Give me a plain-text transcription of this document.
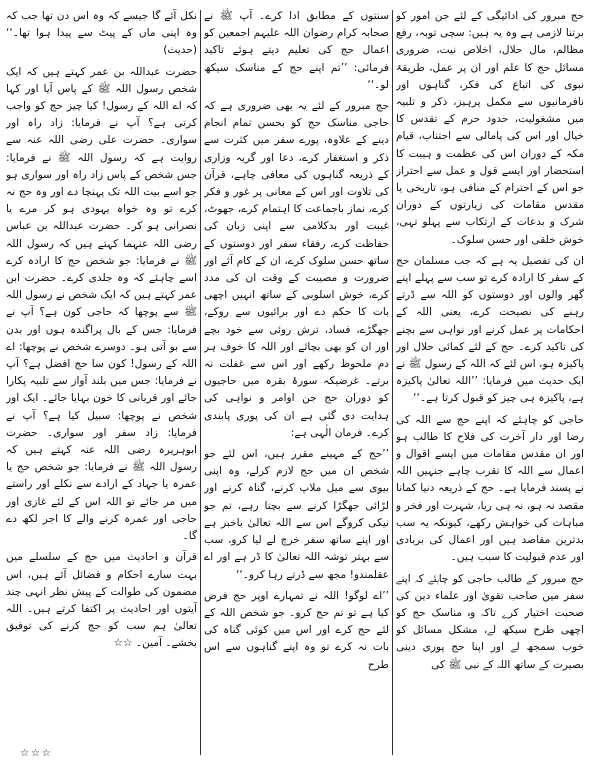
حج مبرور کی ادائیگی کے لئے جن امور کو برتنا لازمی ہے وہ یہ ہیں: سچی توبہ، رفع مظالم، مال حلال، اخلاص نیت، ضروری مسائل حج کا علم اور ان پر عمل، طریقۂ نبوی کی اتباع کی فکر، گناہوں اور نافرمانیوں سے مکمل پرہیز، ذکر و تلبیہ میں مشغولیت، حدود حرم کے تقدس کا خیال اور اس کی پامالی سے اجتناب، قیام مکہ کے دوران اس کی عظمت و ہیبت کا استحضار اور ایسے قول و عمل سے احتراز جو اس کے احترام کے منافی ہو، تاریخی یا مقدس مقامات کی زیارتوں کے دوران شرک و بدعات کے ارتکاب سے پہلو تہی، خوش خلقی اور حسن سلوک۔

ان کی تفصیل یہ ہے کہ جب مسلمان حج کے سفر کا ارادہ کرے تو سب سے پہلے اپنے گھر والوں اور دوستوں کو اللہ سے ڈرتے رہنے کی نصیحت کرے، یعنی اللہ کے احکامات پر عمل کرنے اور نواہی سے بچنے کی تاکید کرے۔ حج کے لئے کمائی حلال اور پاکیزہ ہو، اس لئے کہ اللہ کے رسول ﷺ نے ایک حدیث میں فرمایا: ’’اللہ تعالیٰ پاکیزہ ہے، پاکیزہ ہی چیز کو قبول کرتا ہے۔‘‘

حاجی کو چاہئے کہ اپنے حج سے اللہ کی رضا اور دار آخرت کی فلاح کا طالب ہو اور ان مقدس مقامات میں ایسے اقوال و اعمال سے اللہ کا تقرب چاہے جنہیں اللہ نے پسند فرمایا ہے۔ حج کے ذریعہ دنیا کمانا مقصد نہ ہو، نہ ہی ریا، شہرت اور فخر و مباہات کی خواہش رکھے، کیونکہ یہ سب بدترین مقاصد ہیں اور اعمال کی بربادی اور عدم قبولیت کا سبب ہیں۔

حج مبرور کے طالب حاجی کو چاہئے کہ اپنے سفر میں صاحب تقویٰ اور علماء دین کی صحبت اختیار کرے تاکہ وہ مناسک حج کو اچھی طرح سیکھ لے، مشکل مسائل کو خوب سمجھ لے اور اپنا حج پوری دینی بصیرت کے ساتھ اللہ کے نبی ﷺ کی

سنتوں کے مطابق ادا کرے۔ آپ ﷺ نے صحابہ کرام رضوان اللہ علیہم اجمعین کو اعمال حج کی تعلیم دیتے ہوئے تاکید فرمائی: ’’تم اپنے حج کے مناسک سیکھ لو۔‘‘

حج مبرور کے لئے یہ بھی ضروری ہے کہ حاجی مناسک حج کو بحسن تمام انجام دینے کے علاوہ، پورے سفر میں کثرت سے ذکر و استغفار کرے، دعا اور گریہ وزاری کے ذریعہ گناہوں کی معافی چاہے، قرآن کی تلاوت اور اس کے معانی پر غور و فکر کرے، نماز باجماعت کا اہتمام کرے، جھوٹ، غیبت اور بدکلامی سے اپنی زبان کی حفاظت کرے، رفقاء سفر اور دوستوں کے ساتھ حسن سلوک کرے، ان کے کام آئے اور ضرورت و مصیبت کے وقت ان کی مدد کرے، خوش اسلوبی کے ساتھ انہیں اچھی بات کا حکم دے اور برائیوں سے روکے، جھگڑے، فساد، ترش روئی سے خود بچے اور ان کو بھی بچائے اور اللہ کا خوف ہر دم ملحوظ رکھے اور اس سے غفلت نہ برتے۔ غرضیکہ سورۂ بقرہ میں حاجیوں کو دوران حج جن اوامر و نواہی کی ہدایت دی گئی ہے ان کی پوری پابندی کرے۔ فرمان الٰہی ہے:

’’حج کے مہینے مقرر ہیں، اس لئے جو شخص ان میں حج لازم کرلے، وہ اپنی بیوی سے میل ملاپ کرنے، گناہ کرنے اور لڑائی جھگڑا کرنے سے بچتا رہے، تم جو نیکی کروگے اس سے اللہ تعالیٰ باخبر ہے اور اپنے ساتھ سفر خرچ لے لیا کرو، سب سے بہتر توشہ اللہ تعالیٰ کا ڈر ہے اور اے عقلمندو! مجھ سے ڈرتے رہا کرو۔‘‘

’’اے لوگو! اللہ نے تمہارے اوپر حج فرض کیا ہے تو تم حج کرو۔ جو شخص اللہ کے لئے حج کرے اور اس میں کوئی گناہ کی بات نہ کرے تو وہ اپنے گناہوں سے اس طرح

نکل آئے گا جیسے کہ وہ اس دن تھا جب کہ وہ اپنی ماں کے پیٹ سے پیدا ہوا تھا۔‘‘ (حدیث)

حضرت عبداللہ بن عمر کہتے ہیں کہ ایک شخص رسول اللہ ﷺ کے پاس آیا اور کہا کہ اے اللہ کے رسول! کیا چیز حج کو واجب کرتی ہے؟ آپ نے فرمایا: زاد راہ اور سواری۔ حضرت علی رضی اللہ عنہ سے روایت ہے کہ رسول اللہ ﷺ نے فرمایا: جس شخص کے پاس زاد راہ اور سواری ہو جو اسے بیت اللہ تک پہنچا دے اور وہ حج نہ کرے تو وہ خواہ یہودی ہو کر مرے یا نصرانی ہو کر۔ حضرت عبداللہ بن عباس رضی اللہ عنہما کہتے ہیں کہ رسول اللہ ﷺ نے فرمایا: جو شخص حج کا ارادہ کرے اسے چاہئے کہ وہ جلدی کرے۔ حضرت ابن عمر کہتے ہیں کہ ایک شخص نے رسول اللہ ﷺ سے پوچھا کہ حاجی کون ہے؟ آپ نے فرمایا: جس کے بال پراگندہ ہوں اور بدن سے بو آتی ہو۔ دوسرے شخص نے پوچھا: اے اللہ کے رسول! کون سا حج افضل ہے؟ آپ نے فرمایا: جس میں بلند آواز سے تلبیہ پکارا جائے اور قربانی کا خون بہایا جائے۔ ایک اور شخص نے پوچھا: سبیل کیا ہے؟ آپ نے فرمایا: زاد سفر اور سواری۔ حضرت ابوہریرہ رضی اللہ عنہ کہتے ہیں کہ رسول اللہ ﷺ نے فرمایا: جو شخص حج یا عمرہ یا جہاد کے ارادے سے نکلے اور راستے میں مر جائے تو اللہ اس کے لئے غازی اور حاجی اور عمرہ کرنے والے کا اجر لکھ دے گا۔

قرآن و احادیث میں حج کے سلسلے میں بہت سارے احکام و فضائل آئے ہیں، اس مضمون کی طوالت کے پیش نظر انہی چند آیتوں اور احادیث پر اکتفا کرتے ہیں۔ اللہ تعالیٰ ہم سب کو حج کرنے کی توفیق بخشے۔ آمین۔ ☆☆

☆☆☆
